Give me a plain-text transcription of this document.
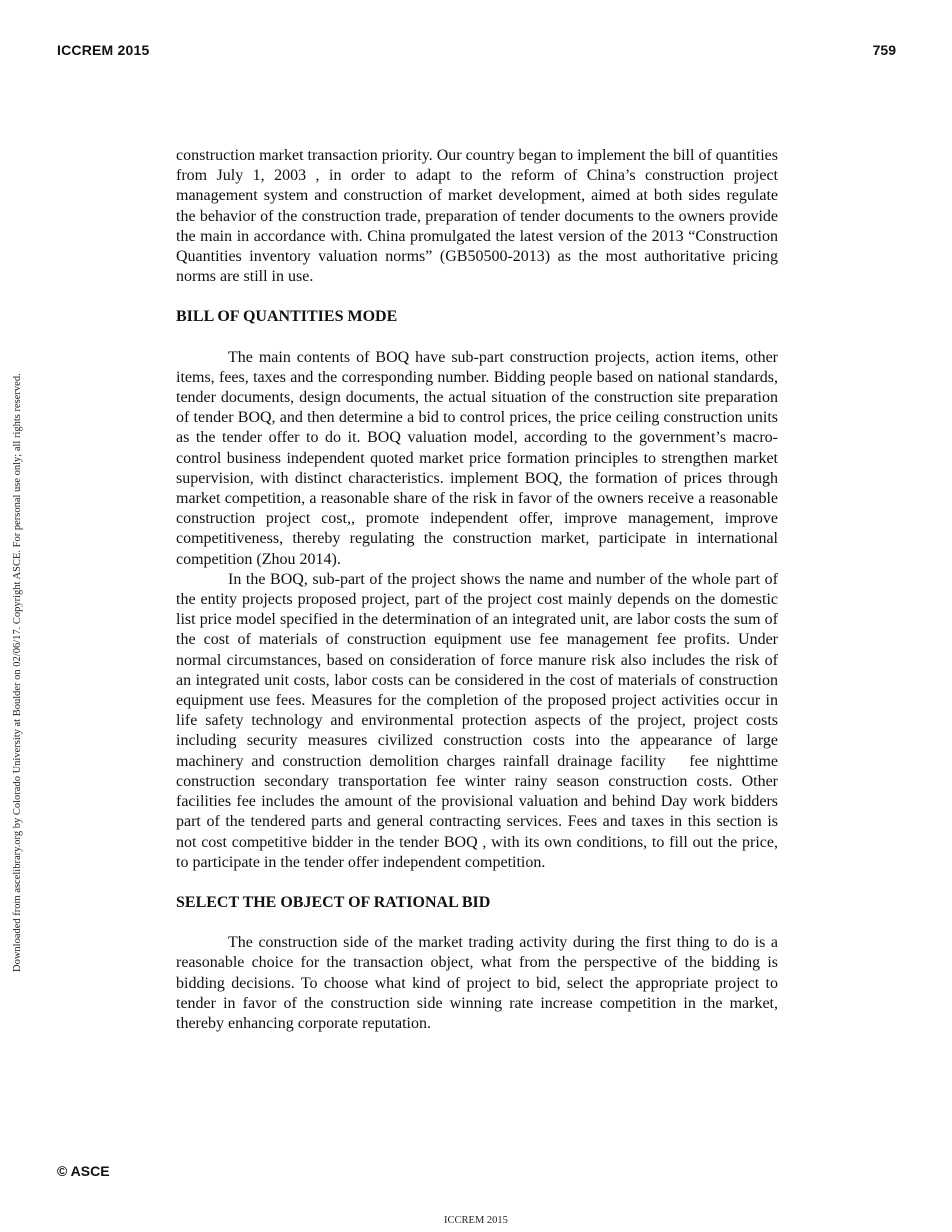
ICCREM 2015	759
Downloaded from ascelibrary.org by Colorado University at Boulder on 02/06/17. Copyright ASCE. For personal use only; all rights reserved.

construction market transaction priority. Our country began to implement the bill of quantities from July 1, 2003 , in order to adapt to the reform of China’s construction project management system and construction of market development, aimed at both sides regulate the behavior of the construction trade, preparation of tender documents to the owners provide the main in accordance with. China promulgated the latest version of the 2013 “Construction Quantities inventory valuation norms” (GB50500-2013) as the most authoritative pricing norms are still in use.

BILL OF QUANTITIES MODE

The main contents of BOQ have sub-part construction projects, action items, other items, fees, taxes and the corresponding number. Bidding people based on national standards, tender documents, design documents, the actual situation of the construction site preparation of tender BOQ, and then determine a bid to control prices, the price ceiling construction units as the tender offer to do it. BOQ valuation model, according to the government’s macro-control business independent quoted market price formation principles to strengthen market supervision, with distinct characteristics. implement BOQ, the formation of prices through market competition, a reasonable share of the risk in favor of the owners receive a reasonable construction project cost,, promote independent offer, improve management, improve competitiveness, thereby regulating the construction market, participate in international competition (Zhou 2014).

In the BOQ, sub-part of the project shows the name and number of the whole part of the entity projects proposed project, part of the project cost mainly depends on the domestic list price model specified in the determination of an integrated unit, are labor costs the sum of the cost of materials of construction equipment use fee management fee profits. Under normal circumstances, based on consideration of force manure risk also includes the risk of an integrated unit costs, labor costs can be considered in the cost of materials of construction equipment use fees. Measures for the completion of the proposed project activities occur in life safety technology and environmental protection aspects of the project, project costs including security measures civilized construction costs into the appearance of large machinery and construction demolition charges rainfall drainage facility   fee nighttime construction secondary transportation fee winter rainy season construction costs. Other facilities fee includes the amount of the provisional valuation and behind Day work bidders part of the tendered parts and general contracting services. Fees and taxes in this section is not cost competitive bidder in the tender BOQ , with its own conditions, to fill out the price, to participate in the tender offer independent competition.

SELECT THE OBJECT OF RATIONAL BID

The construction side of the market trading activity during the first thing to do is a reasonable choice for the transaction object, what from the perspective of the bidding is bidding decisions. To choose what kind of project to bid, select the appropriate project to tender in favor of the construction side winning rate increase competition in the market, thereby enhancing corporate reputation.

© ASCE
ICCREM 2015
